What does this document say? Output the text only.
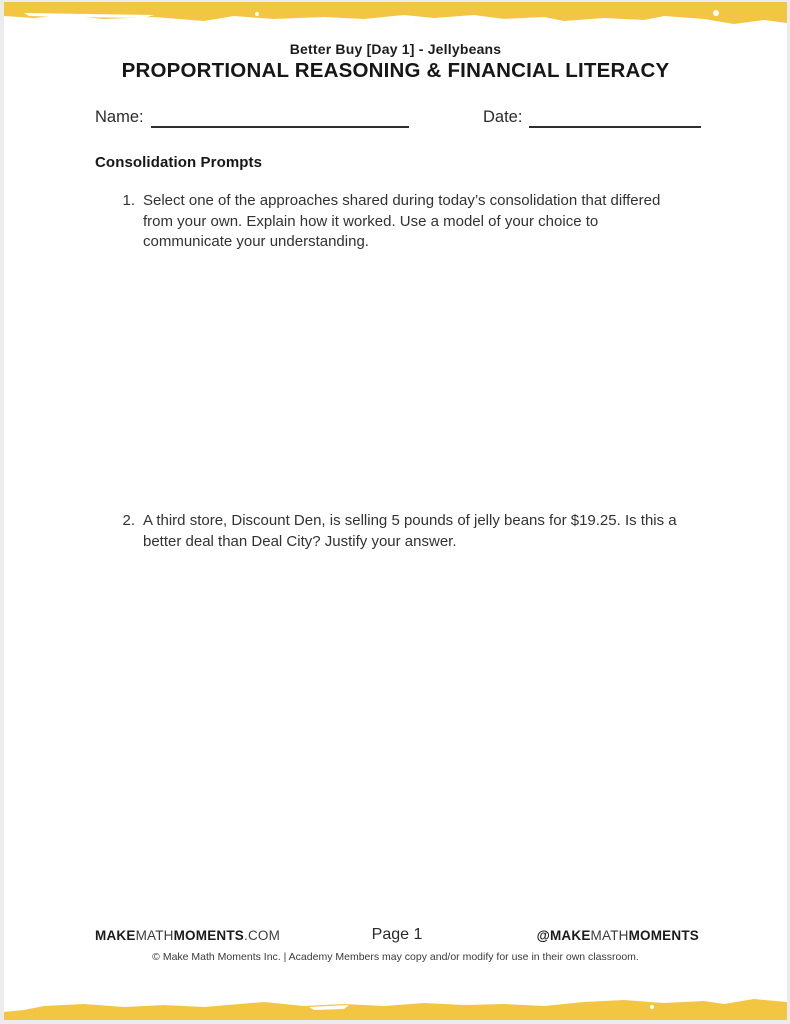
Better Buy [Day 1] - Jellybeans
PROPORTIONAL REASONING & FINANCIAL LITERACY
Name:	Date:
Consolidation Prompts
1. Select one of the approaches shared during today’s consolidation that differed
from your own. Explain how it worked. Use a model of your choice to
communicate your understanding.
2. A third store, Discount Den, is selling 5 pounds of jelly beans for $19.25. Is this a
better deal than Deal City? Justify your answer.
MAKEMATHMOMENTS.COM	Page 1	@MAKEMATHMOMENTS
© Make Math Moments Inc. | Academy Members may copy and/or modify for use in their own classroom.
